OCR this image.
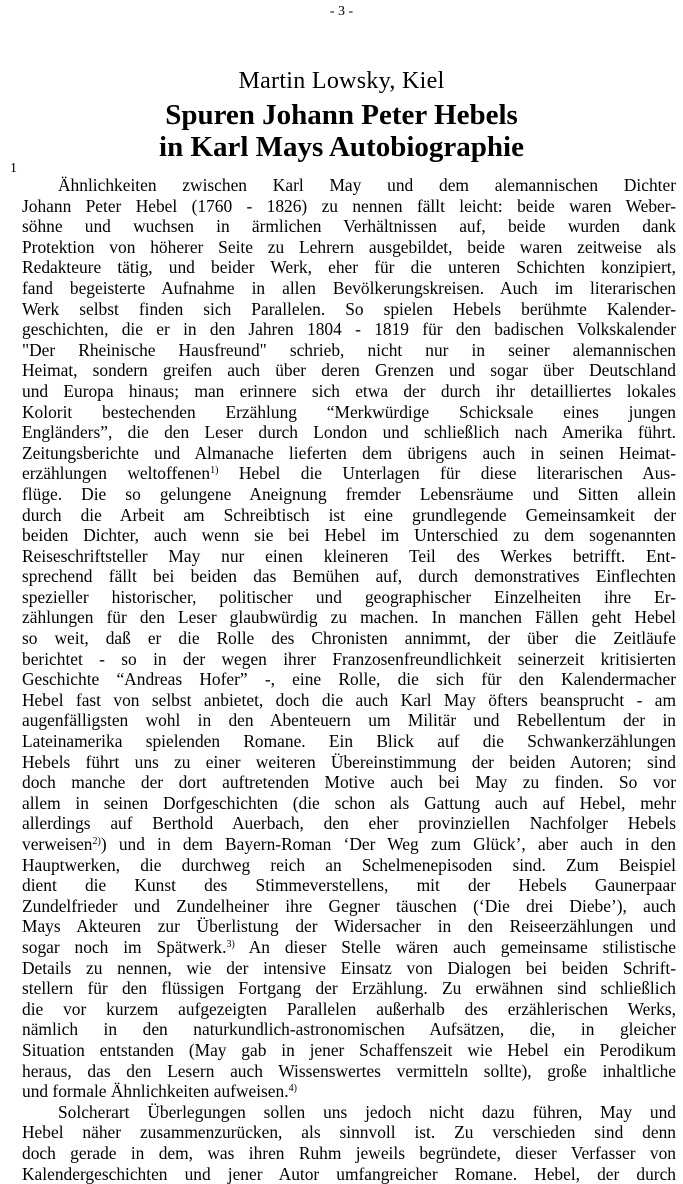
- 3 -
Martin Lowsky, Kiel
Spuren Johann Peter Hebels
in Karl Mays Autobiographie
1
Ähnlichkeiten zwischen Karl May und dem alemannischen Dichter
Johann Peter Hebel (1760 - 1826) zu nennen fällt leicht: beide waren Weber-
söhne und wuchsen in ärmlichen Verhältnissen auf, beide wurden dank
Protektion von höherer Seite zu Lehrern ausgebildet, beide waren zeitweise als
Redakteure tätig, und beider Werk, eher für die unteren Schichten konzipiert,
fand begeisterte Aufnahme in allen Bevölkerungskreisen. Auch im literarischen
Werk selbst finden sich Parallelen. So spielen Hebels berühmte Kalender-
geschichten, die er in den Jahren 1804 - 1819 für den badischen Volkskalender
"Der Rheinische Hausfreund" schrieb, nicht nur in seiner alemannischen
Heimat, sondern greifen auch über deren Grenzen und sogar über Deutschland
und Europa hinaus; man erinnere sich etwa der durch ihr detailliertes lokales
Kolorit bestechenden Erzählung “Merkwürdige Schicksale eines jungen
Engländers”, die den Leser durch London und schließlich nach Amerika führt.
Zeitungsberichte und Almanache lieferten dem übrigens auch in seinen Heimat-
erzählungen weltoffenen$^{1)}$ Hebel die Unterlagen für diese literarischen Aus-
flüge. Die so gelungene Aneignung fremder Lebensräume und Sitten allein
durch die Arbeit am Schreibtisch ist eine grundlegende Gemeinsamkeit der
beiden Dichter, auch wenn sie bei Hebel im Unterschied zu dem sogenannten
Reiseschriftsteller May nur einen kleineren Teil des Werkes betrifft. Ent-
sprechend fällt bei beiden das Bemühen auf, durch demonstratives Einflechten
spezieller historischer, politischer und geographischer Einzelheiten ihre Er-
zählungen für den Leser glaubwürdig zu machen. In manchen Fällen geht Hebel
so weit, daß er die Rolle des Chronisten annimmt, der über die Zeitläufe
berichtet - so in der wegen ihrer Franzosenfreundlichkeit seinerzeit kritisierten
Geschichte “Andreas Hofer” -, eine Rolle, die sich für den Kalendermacher
Hebel fast von selbst anbietet, doch die auch Karl May öfters beansprucht - am
augenfälligsten wohl in den Abenteuern um Militär und Rebellentum der in
Lateinamerika spielenden Romane. Ein Blick auf die Schwankerzählungen
Hebels führt uns zu einer weiteren Übereinstimmung der beiden Autoren; sind
doch manche der dort auftretenden Motive auch bei May zu finden. So vor
allem in seinen Dorfgeschichten (die schon als Gattung auch auf Hebel, mehr
allerdings auf Berthold Auerbach, den eher provinziellen Nachfolger Hebels
verweisen$^{2)}$) und in dem Bayern-Roman ‘Der Weg zum Glück’, aber auch in den
Hauptwerken, die durchweg reich an Schelmenepisoden sind. Zum Beispiel
dient die Kunst des Stimmeverstellens, mit der Hebels Gaunerpaar
Zundelfrieder und Zundelheiner ihre Gegner täuschen (‘Die drei Diebe’), auch
Mays Akteuren zur Überlistung der Widersacher in den Reiseerzählungen und
sogar noch im Spätwerk.$^{3)}$ An dieser Stelle wären auch gemeinsame stilistische
Details zu nennen, wie der intensive Einsatz von Dialogen bei beiden Schrift-
stellern für den flüssigen Fortgang der Erzählung. Zu erwähnen sind schließlich
die vor kurzem aufgezeigten Parallelen außerhalb des erzählerischen Werks,
nämlich in den naturkundlich-astronomischen Aufsätzen, die, in gleicher
Situation entstanden (May gab in jener Schaffenszeit wie Hebel ein Perodikum
heraus, das den Lesern auch Wissenswertes vermitteln sollte), große inhaltliche
und formale Ähnlichkeiten aufweisen.$^{4)}$
Solcherart Überlegungen sollen uns jedoch nicht dazu führen, May und
Hebel näher zusammenzurücken, als sinnvoll ist. Zu verschieden sind denn
doch gerade in dem, was ihren Ruhm jeweils begründete, dieser Verfasser von
Kalendergeschichten und jener Autor umfangreicher Romane. Hebel, der durch
